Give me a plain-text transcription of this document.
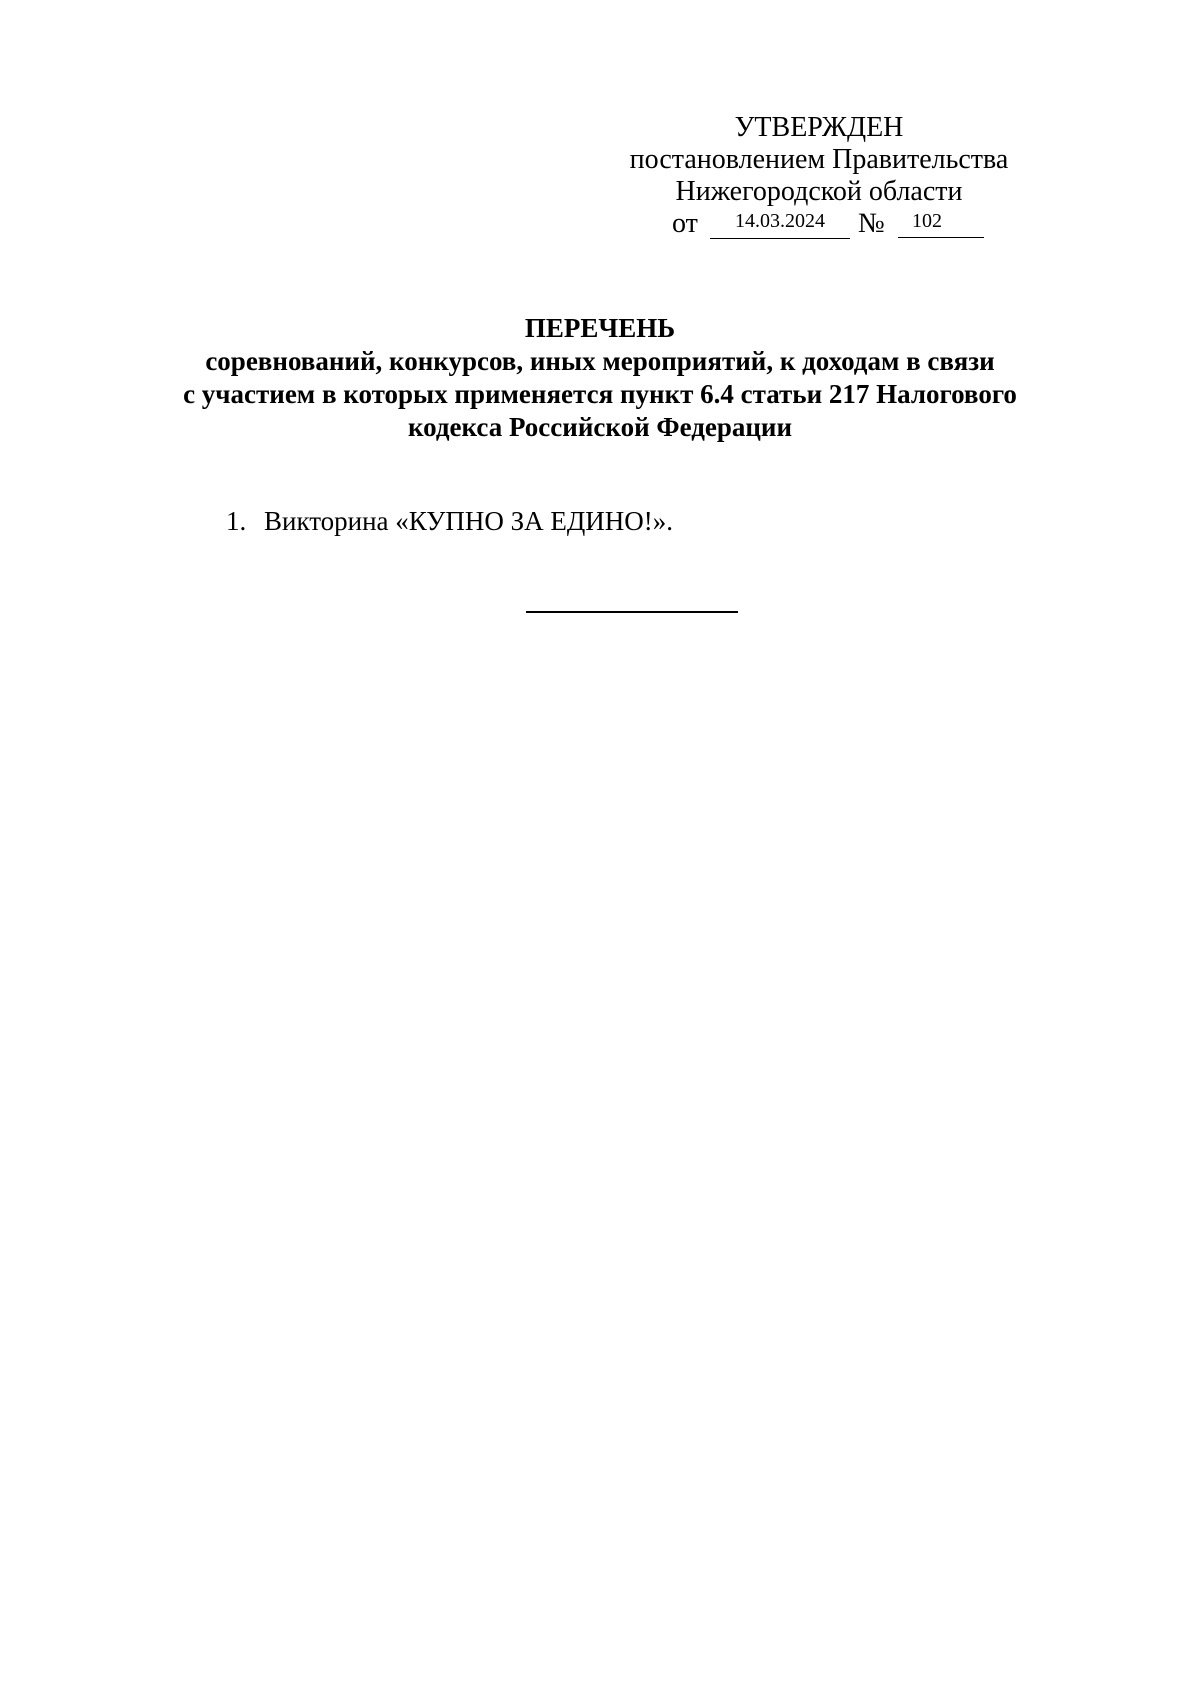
УТВЕРЖДЕН
постановлением Правительства
Нижегородской области
от	14.03.2024	№	102
ПЕРЕЧЕНЬ
соревнований, конкурсов, иных мероприятий, к доходам в связи
с участием в которых применяется пункт 6.4 статьи 217 Налогового
кодекса Российской Федерации
1. Викторина «КУПНО ЗА ЕДИНО!».
